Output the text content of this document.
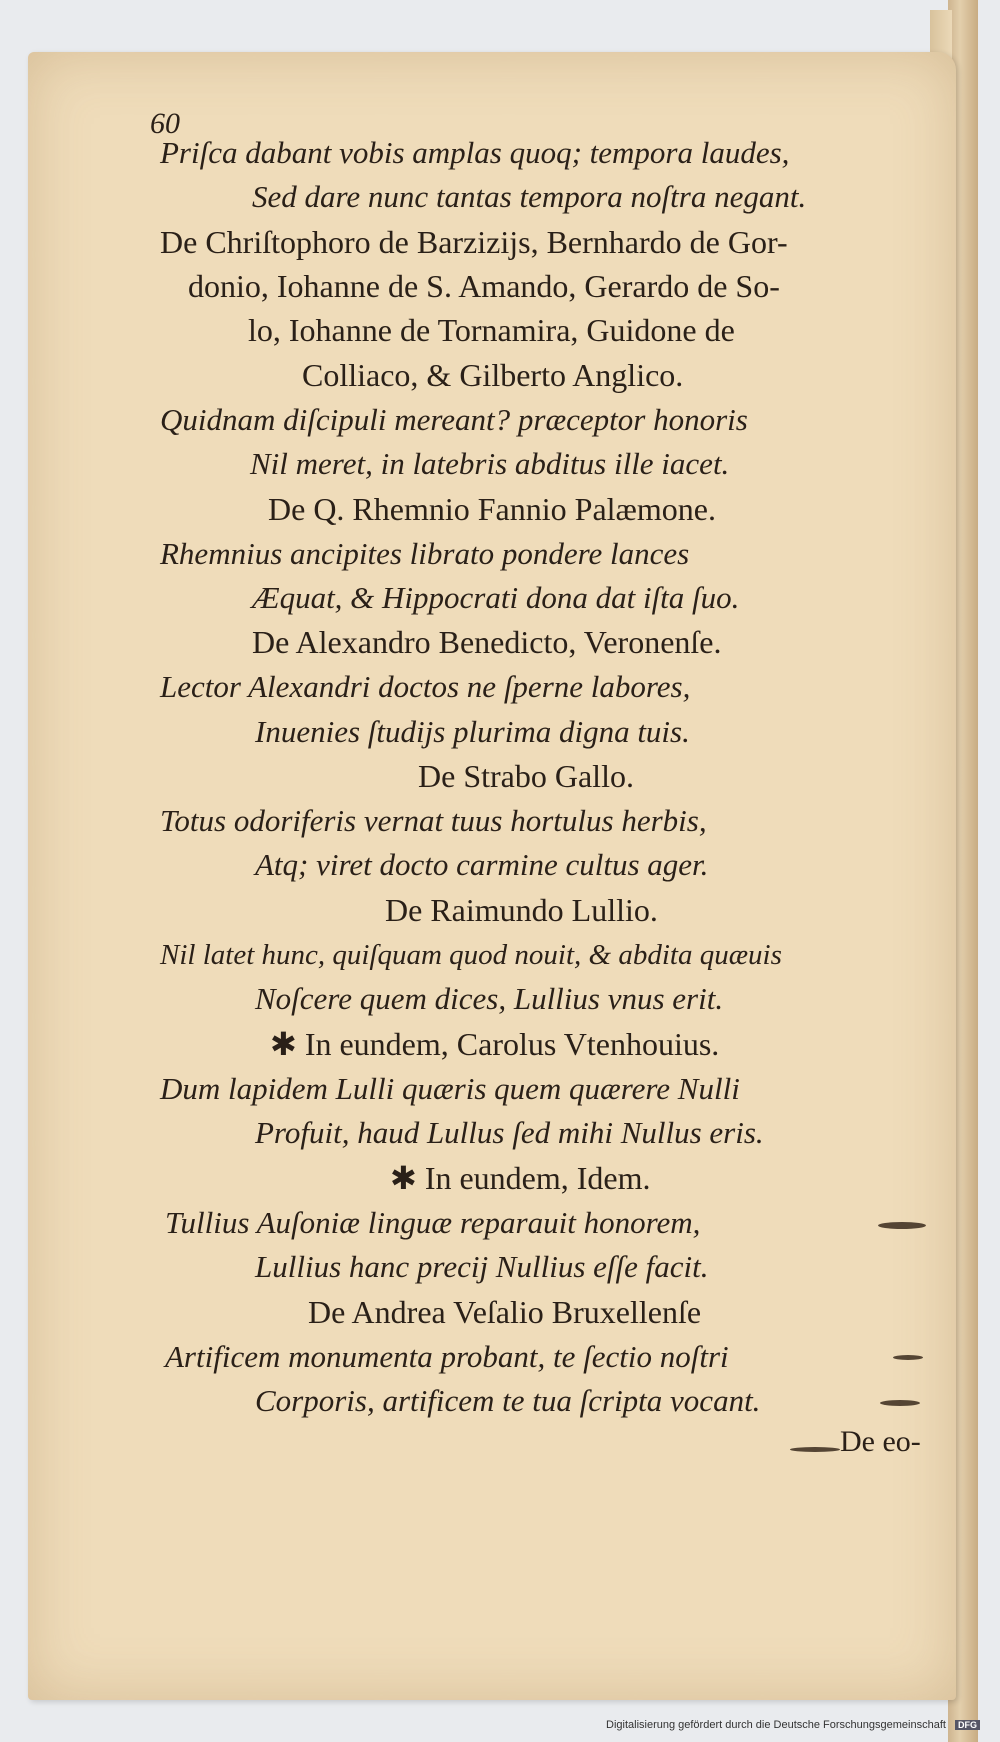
60
Priſca dabant vobis amplas quoq; tempora laudes,
Sed dare nunc tantas tempora noſtra negant.
De Chriſtophoro de Barzizijs, Bernhardo de Gor-
donio, Iohanne de S. Amando, Gerardo de So-
lo, Iohanne de Tornamira, Guidone de
Colliaco, & Gilberto Anglico.
Quidnam diſcipuli mereant? præceptor honoris
Nil meret, in latebris abditus ille iacet.
De Q. Rhemnio Fannio Palæmone.
Rhemnius ancipites librato pondere lances
Æquat, & Hippocrati dona dat iſta ſuo.
De Alexandro Benedicto, Veronenſe.
Lector Alexandri doctos ne ſperne labores,
Inuenies ſtudijs plurima digna tuis.
De Strabo Gallo.
Totus odoriferis vernat tuus hortulus herbis,
Atq; viret docto carmine cultus ager.
De Raimundo Lullio.
Nil latet hunc, quiſquam quod nouit, & abdita quæuis
Noſcere quem dices, Lullius vnus erit.
✱ In eundem, Carolus Vtenhouius.
Dum lapidem Lulli quæris quem quærere Nulli
Profuit, haud Lullus ſed mihi Nullus eris.
✱ In eundem, Idem.
Tullius Auſoniæ linguæ reparauit honorem,
Lullius hanc precij Nullius eſſe facit.
De Andrea Veſalio Bruxellenſe
Artificem monumenta probant, te ſectio noſtri
Corporis, artificem te tua ſcripta vocant.
De eo-
Digitalisierung gefördert durch die Deutsche Forschungsgemeinschaft DFG
